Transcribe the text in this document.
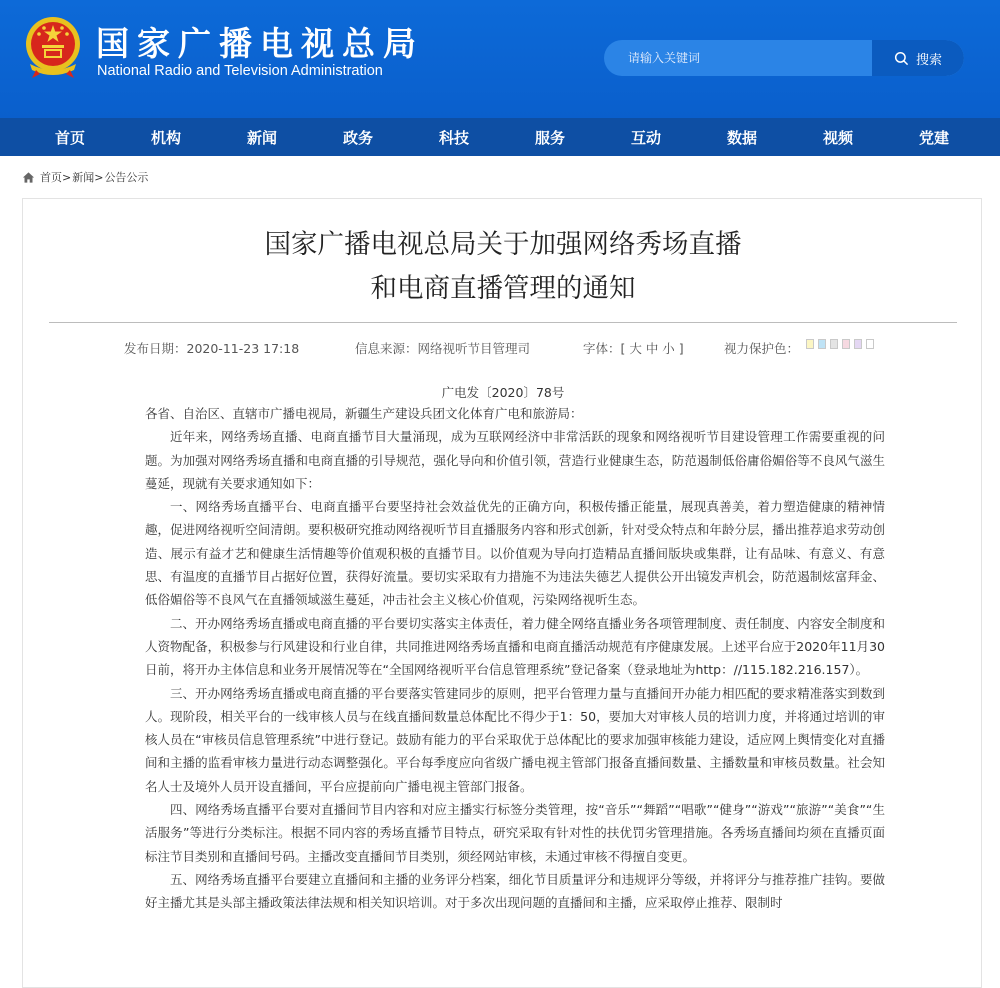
国家广播电视总局
National Radio and Television Administration
请输入关键词
搜索
首页	机构	新闻	政务	科技	服务	互动	数据	视频	党建
首页> 新闻> 公告公示
国家广播电视总局关于加强网络秀场直播
和电商直播管理的通知
发布日期：2020-11-23 17:18	信息来源：网络视听节目管理司	字体：[ 大 中 小 ]	视力保护色：
广电发〔2020〕78号

各省、自治区、直辖市广播电视局，新疆生产建设兵团文化体育广电和旅游局：

近年来，网络秀场直播、电商直播节目大量涌现，成为互联网经济中非常活跃的现象和网络视听节目建设管理工作需要重视的问题。为加强对网络秀场直播和电商直播的引导规范，强化导向和价值引领，营造行业健康生态，防范遏制低俗庸俗媚俗等不良风气滋生蔓延，现就有关要求通知如下：

一、网络秀场直播平台、电商直播平台要坚持社会效益优先的正确方向，积极传播正能量，展现真善美，着力塑造健康的精神情趣，促进网络视听空间清朗。要积极研究推动网络视听节目直播服务内容和形式创新，针对受众特点和年龄分层，播出推荐追求劳动创造、展示有益才艺和健康生活情趣等价值观积极的直播节目。以价值观为导向打造精品直播间版块或集群，让有品味、有意义、有意思、有温度的直播节目占据好位置，获得好流量。要切实采取有力措施不为违法失德艺人提供公开出镜发声机会，防范遏制炫富拜金、低俗媚俗等不良风气在直播领域滋生蔓延，冲击社会主义核心价值观，污染网络视听生态。

二、开办网络秀场直播或电商直播的平台要切实落实主体责任，着力健全网络直播业务各项管理制度、责任制度、内容安全制度和人资物配备，积极参与行风建设和行业自律，共同推进网络秀场直播和电商直播活动规范有序健康发展。上述平台应于2020年11月30日前，将开办主体信息和业务开展情况等在“全国网络视听平台信息管理系统”登记备案（登录地址为http：//115.182.216.157）。

三、开办网络秀场直播或电商直播的平台要落实管建同步的原则，把平台管理力量与直播间开办能力相匹配的要求精准落实到数到人。现阶段，相关平台的一线审核人员与在线直播间数量总体配比不得少于1：50，要加大对审核人员的培训力度，并将通过培训的审核人员在“审核员信息管理系统”中进行登记。鼓励有能力的平台采取优于总体配比的要求加强审核能力建设，适应网上舆情变化对直播间和主播的监看审核力量进行动态调整强化。平台每季度应向省级广播电视主管部门报备直播间数量、主播数量和审核员数量。社会知名人士及境外人员开设直播间，平台应提前向广播电视主管部门报备。

四、网络秀场直播平台要对直播间节目内容和对应主播实行标签分类管理，按“音乐”“舞蹈”“唱歌”“健身”“游戏”“旅游”“美食”“生活服务”等进行分类标注。根据不同内容的秀场直播节目特点，研究采取有针对性的扶优罚劣管理措施。各秀场直播间均须在直播页面标注节目类别和直播间号码。主播改变直播间节目类别，须经网站审核，未通过审核不得擅自变更。

五、网络秀场直播平台要建立直播间和主播的业务评分档案，细化节目质量评分和违规评分等级，并将评分与推荐推广挂钩。要做好主播尤其是头部主播政策法律法规和相关知识培训。对于多次出现问题的直播间和主播，应采取停止推荐、限制时
